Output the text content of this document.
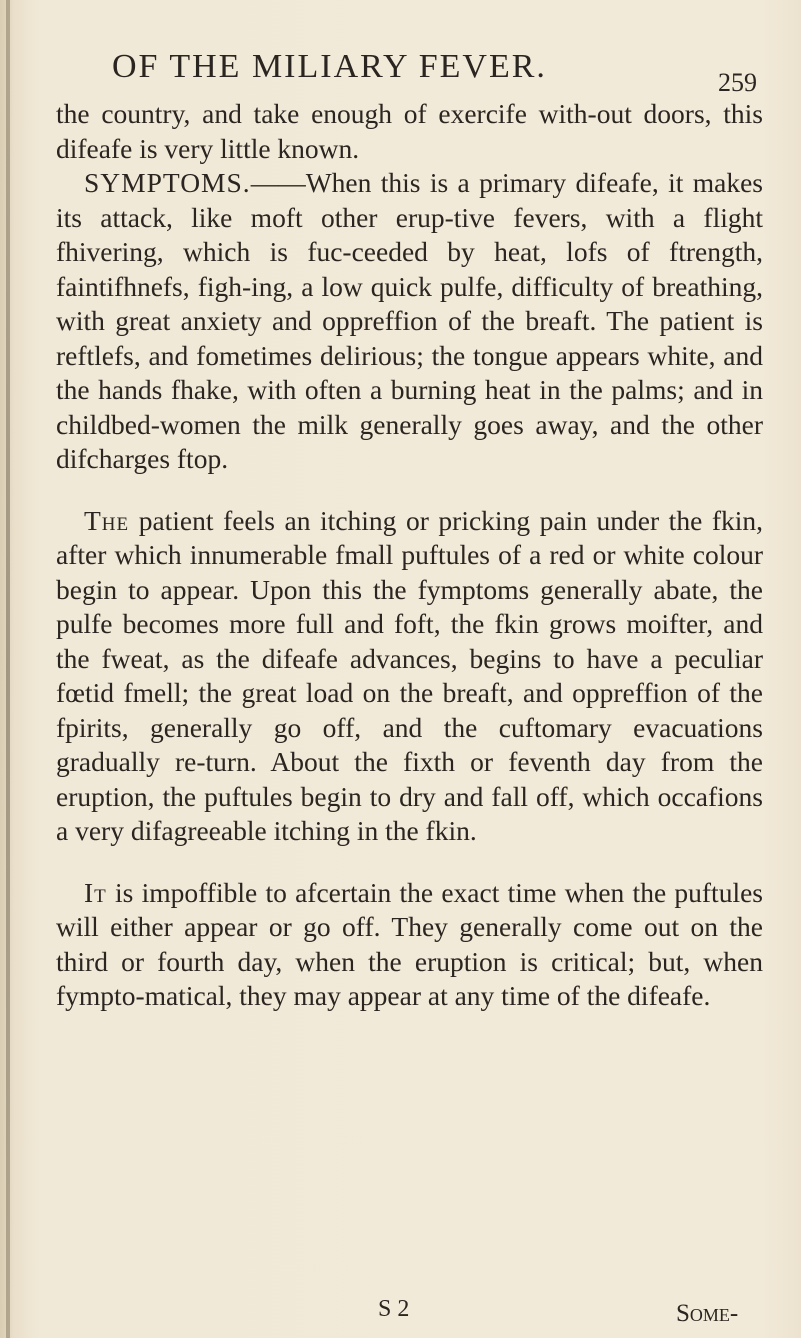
OF THE MILIARY FEVER.	259

the country, and take enough of exercife with-out doors, this difeafe is very little known.

SYMPTOMS.——When this is a primary difeafe, it makes its attack, like moft other erup-tive fevers, with a flight fhivering, which is fuc-ceeded by heat, lofs of ftrength, faintifhnefs, figh-ing, a low quick pulfe, difficulty of breathing, with great anxiety and oppreffion of the breaft. The patient is reftlefs, and fometimes delirious; the tongue appears white, and the hands fhake, with often a burning heat in the palms; and in childbed-women the milk generally goes away, and the other difcharges ftop.

The patient feels an itching or pricking pain under the fkin, after which innumerable fmall puftules of a red or white colour begin to appear. Upon this the fymptoms generally abate, the pulfe becomes more full and foft, the fkin grows moifter, and the fweat, as the difeafe advances, begins to have a peculiar fœtid fmell; the great load on the breaft, and oppreffion of the fpirits, generally go off, and the cuftomary evacuations gradually re-turn. About the fixth or feventh day from the eruption, the puftules begin to dry and fall off, which occafions a very difagreeable itching in the fkin.

It is impoffible to afcertain the exact time when the puftules will either appear or go off. They generally come out on the third or fourth day, when the eruption is critical; but, when fympto-matical, they may appear at any time of the difeafe.

S 2	Some-
